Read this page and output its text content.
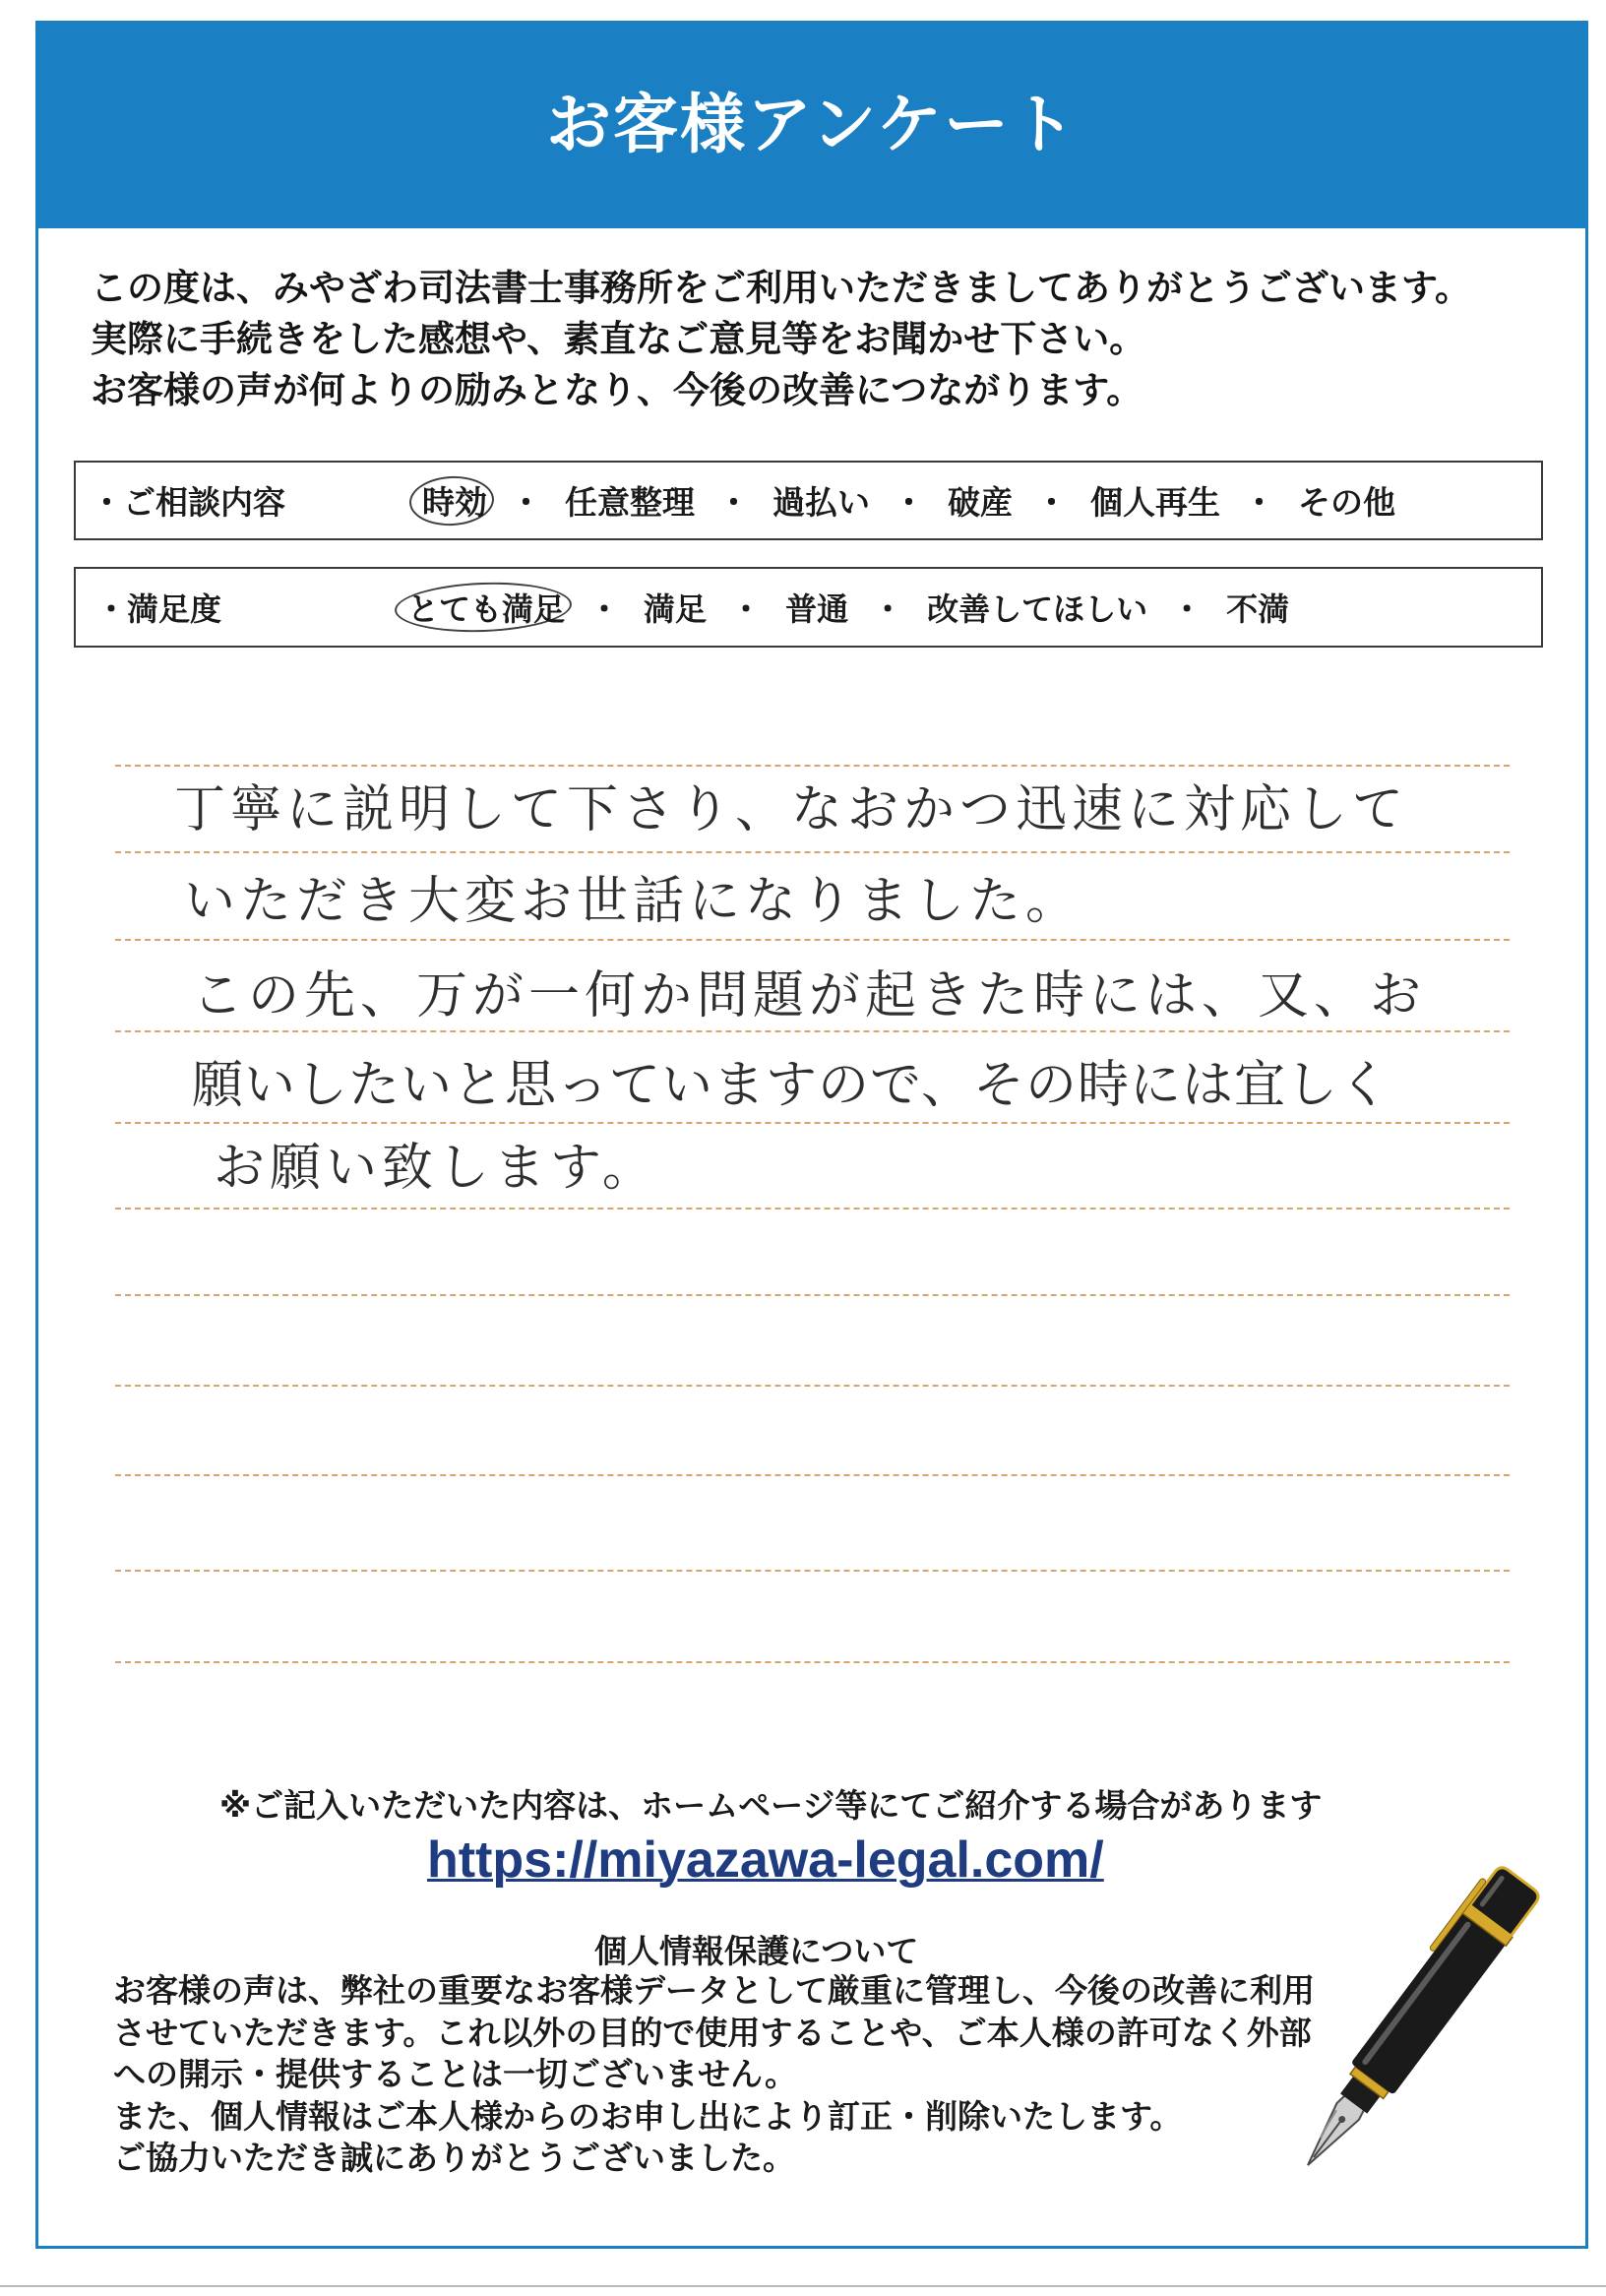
お客様アンケート
この度は、みやざわ司法書士事務所をご利用いただきましてありがとうございます。
実際に手続きをした感想や、素直なご意見等をお聞かせ下さい。
お客様の声が何よりの励みとなり、今後の改善につながります。
・ご相談内容	時効 ・ 任意整理 ・ 過払い ・ 破産 ・ 個人再生 ・ その他
・満足度	とても満足 ・ 満足 ・ 普通 ・ 改善してほしい ・ 不満
丁寧に説明して下さり、なおかつ迅速に対応して
いただき大変お世話になりました。
この先、万が一何か問題が起きた時には、又、お
願いしたいと思っていますので、その時には宜しく
お願い致します。
※ご記入いただいた内容は、ホームページ等にてご紹介する場合があります
https://miyazawa-legal.com/
個人情報保護について
お客様の声は、弊社の重要なお客様データとして厳重に管理し、今後の改善に利用
させていただきます。これ以外の目的で使用することや、ご本人様の許可なく外部
への開示・提供することは一切ございません。
また、個人情報はご本人様からのお申し出により訂正・削除いたします。
ご協力いただき誠にありがとうございました。
